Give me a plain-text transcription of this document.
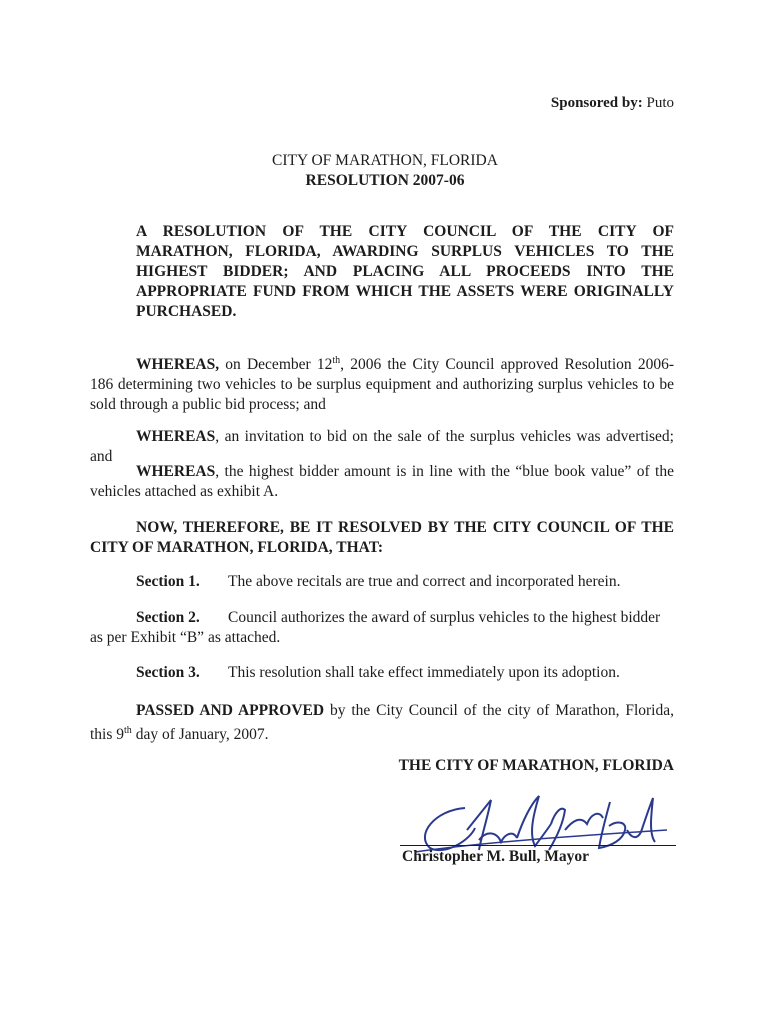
Sponsored by: Puto
CITY OF MARATHON, FLORIDA
RESOLUTION 2007-06
A RESOLUTION OF THE CITY COUNCIL OF THE CITY OF
MARATHON, FLORIDA, AWARDING SURPLUS VEHICLES TO THE
HIGHEST BIDDER; AND PLACING ALL PROCEEDS INTO THE
APPROPRIATE FUND FROM WHICH THE ASSETS WERE ORIGINALLY
PURCHASED.
WHEREAS, on December 12th, 2006 the City Council approved Resolution 2006-186 determining two vehicles to be surplus equipment and authorizing surplus vehicles to be sold through a public bid process; and
WHEREAS, an invitation to bid on the sale of the surplus vehicles was advertised; and
WHEREAS, the highest bidder amount is in line with the “blue book value” of the vehicles attached as exhibit A.
NOW, THEREFORE, BE IT RESOLVED BY THE CITY COUNCIL OF THE CITY OF MARATHON, FLORIDA, THAT:
Section 1. The above recitals are true and correct and incorporated herein.
Section 2. Council authorizes the award of surplus vehicles to the highest bidder as per Exhibit “B” as attached.
Section 3. This resolution shall take effect immediately upon its adoption.
PASSED AND APPROVED by the City Council of the city of Marathon, Florida, this 9th day of January, 2007.
THE CITY OF MARATHON, FLORIDA
Christopher M. Bull, Mayor
